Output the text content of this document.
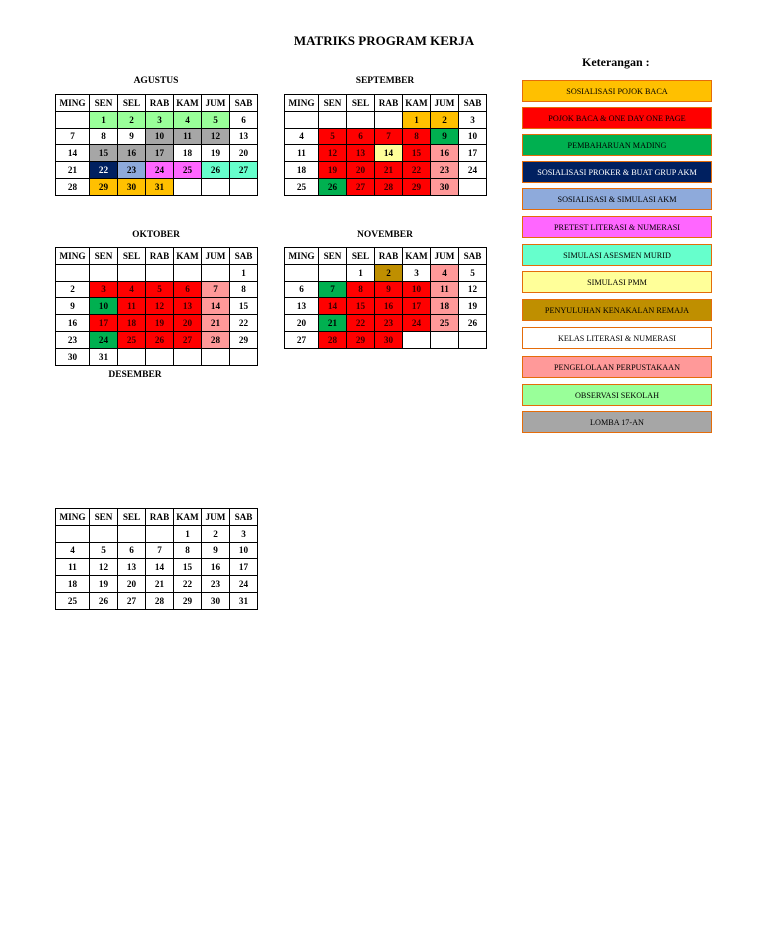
MATRIKS PROGRAM KERJA
AGUSTUS
MING	SEN	SEL	RAB	KAM	JUM	SAB
	1	2	3	4	5	6
7	8	9	10	11	12	13
14	15	16	17	18	19	20
21	22	23	24	25	26	27
28	29	30	31			
SEPTEMBER
MING	SEN	SEL	RAB	KAM	JUM	SAB
				1	2	3
4	5	6	7	8	9	10
11	12	13	14	15	16	17
18	19	20	21	22	23	24
25	26	27	28	29	30	
OKTOBER
MING	SEN	SEL	RAB	KAM	JUM	SAB
						1
2	3	4	5	6	7	8
9	10	11	12	13	14	15
16	17	18	19	20	21	22
23	24	25	26	27	28	29
30	31					
NOVEMBER
MING	SEN	SEL	RAB	KAM	JUM	SAB
		1	2	3	4	5
6	7	8	9	10	11	12
13	14	15	16	17	18	19
20	21	22	23	24	25	26
27	28	29	30			
DESEMBER
MING	SEN	SEL	RAB	KAM	JUM	SAB
				1	2	3
4	5	6	7	8	9	10
11	12	13	14	15	16	17
18	19	20	21	22	23	24
25	26	27	28	29	30	31
Keterangan :
SOSIALISASI POJOK BACA
POJOK BACA & ONE DAY ONE PAGE
PEMBAHARUAN MADING
SOSIALISASI PROKER & BUAT GRUP AKM
SOSIALISASI & SIMULASI AKM
PRETEST LITERASI & NUMERASI
SIMULASI ASESMEN MURID
SIMULASI PMM
PENYULUHAN KENAKALAN REMAJA
KELAS LITERASI & NUMERASI
PENGELOLAAN PERPUSTAKAAN
OBSERVASI SEKOLAH
LOMBA 17-AN
